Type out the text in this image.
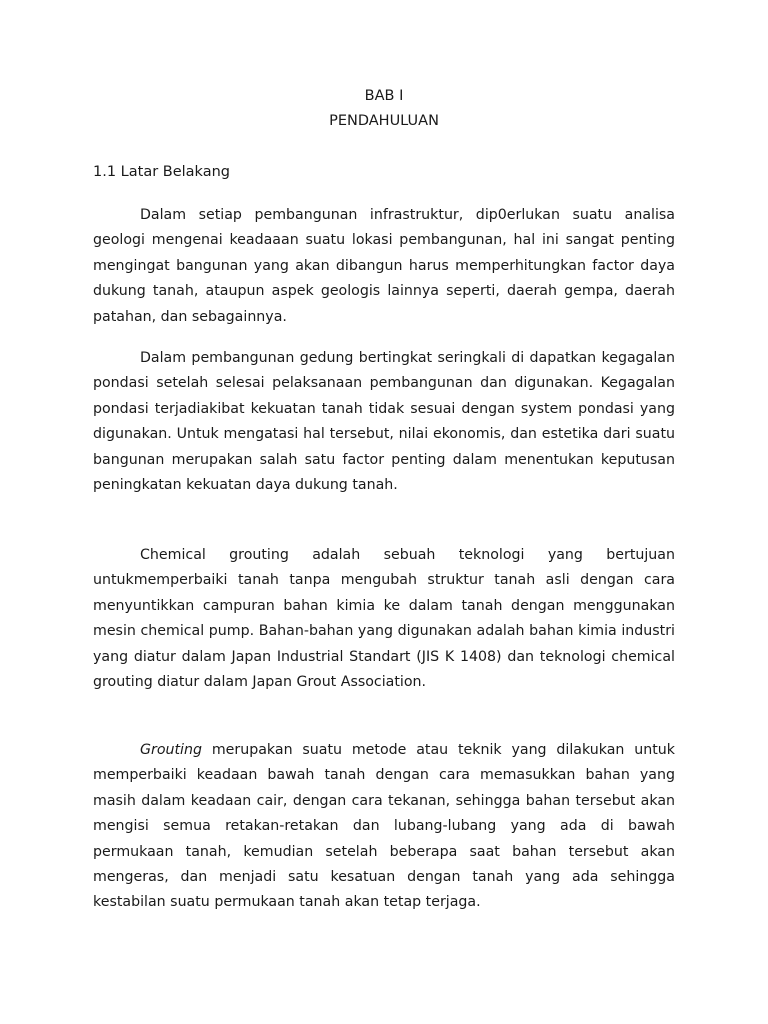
BAB I
PENDAHULUAN
1.1 Latar Belakang

Dalam setiap pembangunan infrastruktur, dip0erlukan suatu analisa geologi mengenai keadaaan suatu lokasi pembangunan, hal ini sangat penting mengingat bangunan yang akan dibangun harus memperhitungkan factor daya dukung tanah, ataupun aspek geologis lainnya seperti, daerah gempa, daerah patahan, dan sebagainnya.

Dalam pembangunan gedung bertingkat seringkali di dapatkan kegagalan pondasi setelah selesai pelaksanaan pembangunan dan digunakan. Kegagalan pondasi terjadiakibat kekuatan tanah tidak sesuai dengan system pondasi yang digunakan. Untuk mengatasi hal tersebut, nilai ekonomis, dan estetika dari suatu bangunan merupakan salah satu factor penting dalam menentukan keputusan peningkatan kekuatan daya dukung tanah.

Chemical grouting adalah sebuah teknologi yang bertujuan untukmemperbaiki tanah tanpa mengubah struktur tanah asli dengan cara menyuntikkan campuran bahan kimia ke dalam tanah dengan menggunakan mesin chemical pump. Bahan-bahan yang digunakan adalah bahan kimia industri yang diatur dalam Japan Industrial Standart (JIS K 1408) dan teknologi chemical grouting diatur dalam Japan Grout Association.

Grouting merupakan suatu metode atau teknik yang dilakukan untuk memperbaiki keadaan bawah tanah dengan cara memasukkan bahan yang masih dalam keadaan cair, dengan cara tekanan, sehingga bahan tersebut akan mengisi semua retakan-retakan dan lubang-lubang yang ada di bawah permukaan tanah, kemudian setelah beberapa saat bahan tersebut akan mengeras, dan menjadi satu kesatuan dengan tanah yang ada sehingga kestabilan suatu permukaan tanah akan tetap terjaga.
